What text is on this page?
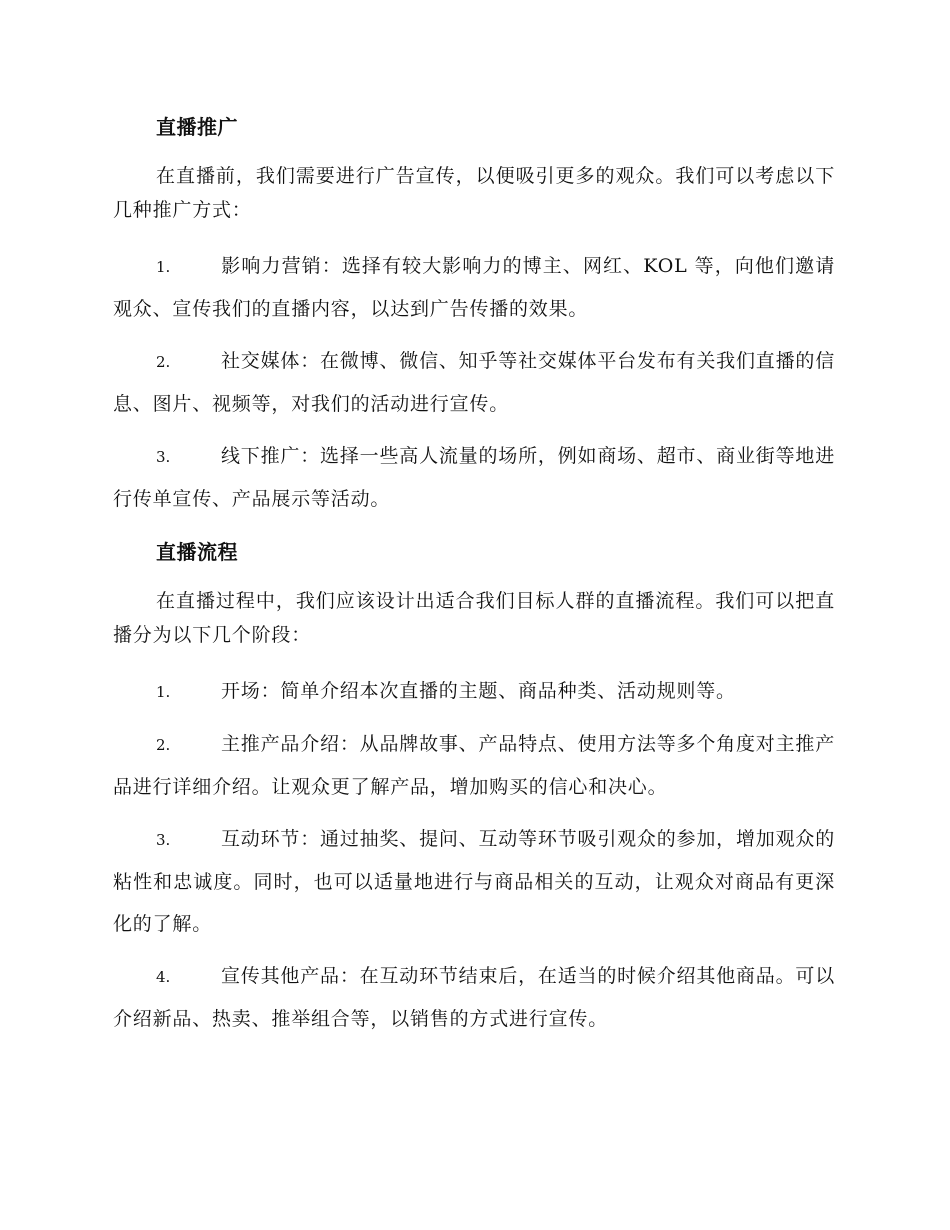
直播推广

在直播前，我们需要进行广告宣传，以便吸引更多的观众。我们可以考虑以下几种推广方式：

1.	影响力营销：选择有较大影响力的博主、网红、KOL 等，向他们邀请观众、宣传我们的直播内容，以达到广告传播的效果。
2.	社交媒体：在微博、微信、知乎等社交媒体平台发布有关我们直播的信息、图片、视频等，对我们的活动进行宣传。
3.	线下推广：选择一些高人流量的场所，例如商场、超市、商业街等地进行传单宣传、产品展示等活动。
直播流程

在直播过程中，我们应该设计出适合我们目标人群的直播流程。我们可以把直播分为以下几个阶段：

1.	开场：简单介绍本次直播的主题、商品种类、活动规则等。
2.	主推产品介绍：从品牌故事、产品特点、使用方法等多个角度对主推产品进行详细介绍。让观众更了解产品，增加购买的信心和决心。
3.	互动环节：通过抽奖、提问、互动等环节吸引观众的参加，增加观众的粘性和忠诚度。同时，也可以适量地进行与商品相关的互动，让观众对商品有更深化的了解。
4.	宣传其他产品：在互动环节结束后，在适当的时候介绍其他商品。可以介绍新品、热卖、推举组合等，以销售的方式进行宣传。
